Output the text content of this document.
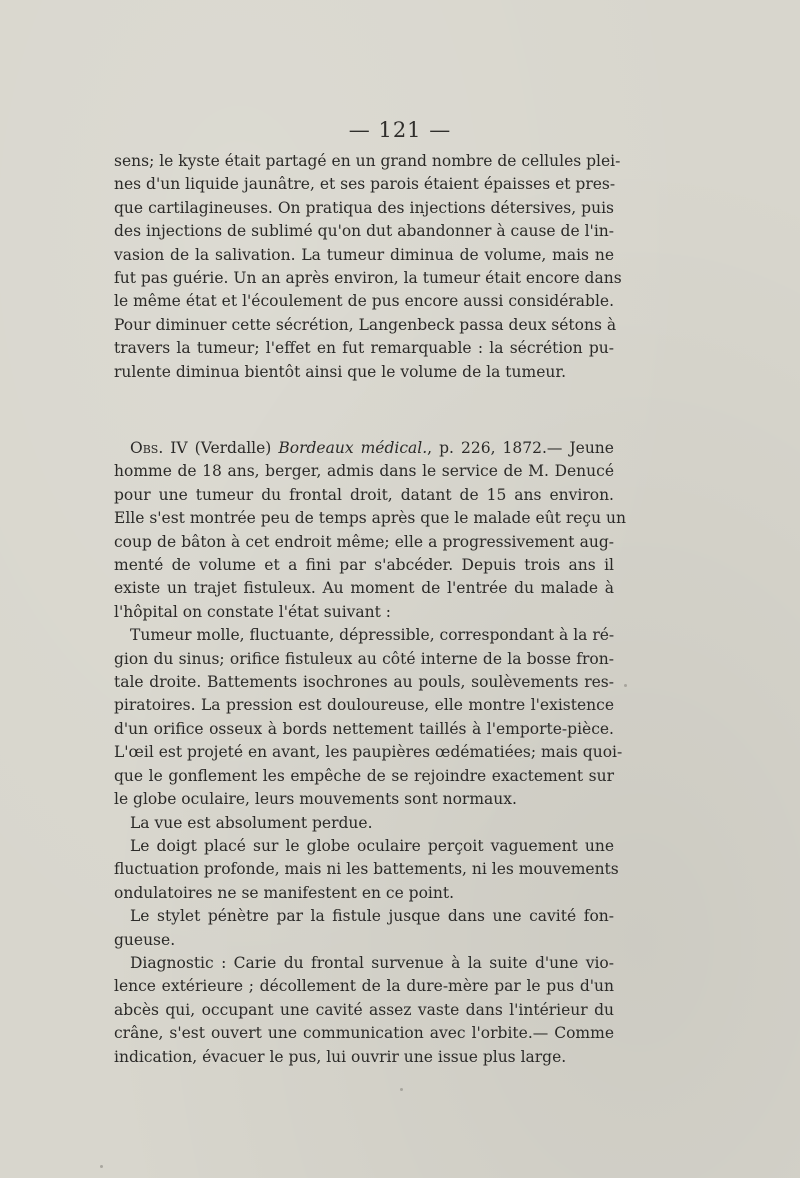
— 121 —
sens; le kyste était partagé en un grand nombre de cellules plei-
nes d'un liquide jaunâtre, et ses parois étaient épaisses et pres-
que cartilagineuses. On pratiqua des injections détersives, puis
des injections de sublimé qu'on dut abandonner à cause de l'in-
vasion de la salivation. La tumeur diminua de volume, mais ne
fut pas guérie. Un an après environ, la tumeur était encore dans
le même état et l'écoulement de pus encore aussi considérable.
Pour diminuer cette sécrétion, Langenbeck passa deux sétons à
travers la tumeur; l'effet en fut remarquable : la sécrétion pu-
rulente diminua bientôt ainsi que le volume de la tumeur.
Obs. IV (Verdalle) Bordeaux médical., p. 226, 1872.— Jeune
homme de 18 ans, berger, admis dans le service de M. Denucé
pour une tumeur du frontal droit, datant de 15 ans environ.
Elle s'est montrée peu de temps après que le malade eût reçu un
coup de bâton à cet endroit même; elle a progressivement aug-
menté de volume et a fini par s'abcéder. Depuis trois ans il
existe un trajet fistuleux. Au moment de l'entrée du malade à
l'hôpital on constate l'état suivant :
Tumeur molle, fluctuante, dépressible, correspondant à la ré-
gion du sinus; orifice fistuleux au côté interne de la bosse fron-
tale droite. Battements isochrones au pouls, soulèvements res-
piratoires. La pression est douloureuse, elle montre l'existence
d'un orifice osseux à bords nettement taillés à l'emporte-pièce.
L'œil est projeté en avant, les paupières œdématiées; mais quoi-
que le gonflement les empêche de se rejoindre exactement sur
le globe oculaire, leurs mouvements sont normaux.
La vue est absolument perdue.
Le doigt placé sur le globe oculaire perçoit vaguement une
fluctuation profonde, mais ni les battements, ni les mouvements
ondulatoires ne se manifestent en ce point.
Le stylet pénètre par la fistule jusque dans une cavité fon-
gueuse.
Diagnostic : Carie du frontal survenue à la suite d'une vio-
lence extérieure ; décollement de la dure-mère par le pus d'un
abcès qui, occupant une cavité assez vaste dans l'intérieur du
crâne, s'est ouvert une communication avec l'orbite.— Comme
indication, évacuer le pus, lui ouvrir une issue plus large.
